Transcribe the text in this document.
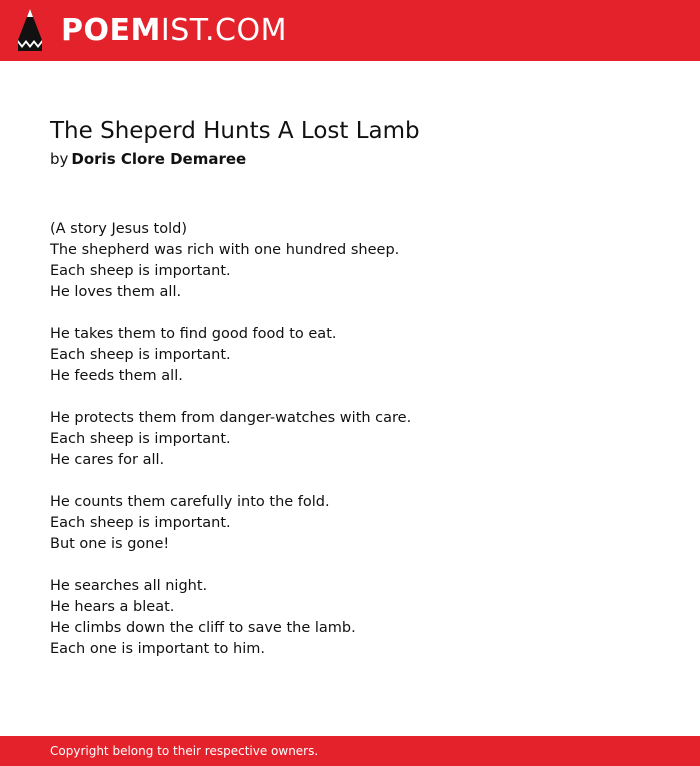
POEMIST.COM
The Sheperd Hunts A Lost Lamb
by Doris Clore Demaree
(A story Jesus told)
The shepherd was rich with one hundred sheep.
Each sheep is important.
He loves them all.
He takes them to find good food to eat.
Each sheep is important.
He feeds them all.
He protects them from danger-watches with care.
Each sheep is important.
He cares for all.
He counts them carefully into the fold.
Each sheep is important.
But one is gone!
He searches all night.
He hears a bleat.
He climbs down the cliff to save the lamb.
Each one is important to him.
Copyright belong to their respective owners.
